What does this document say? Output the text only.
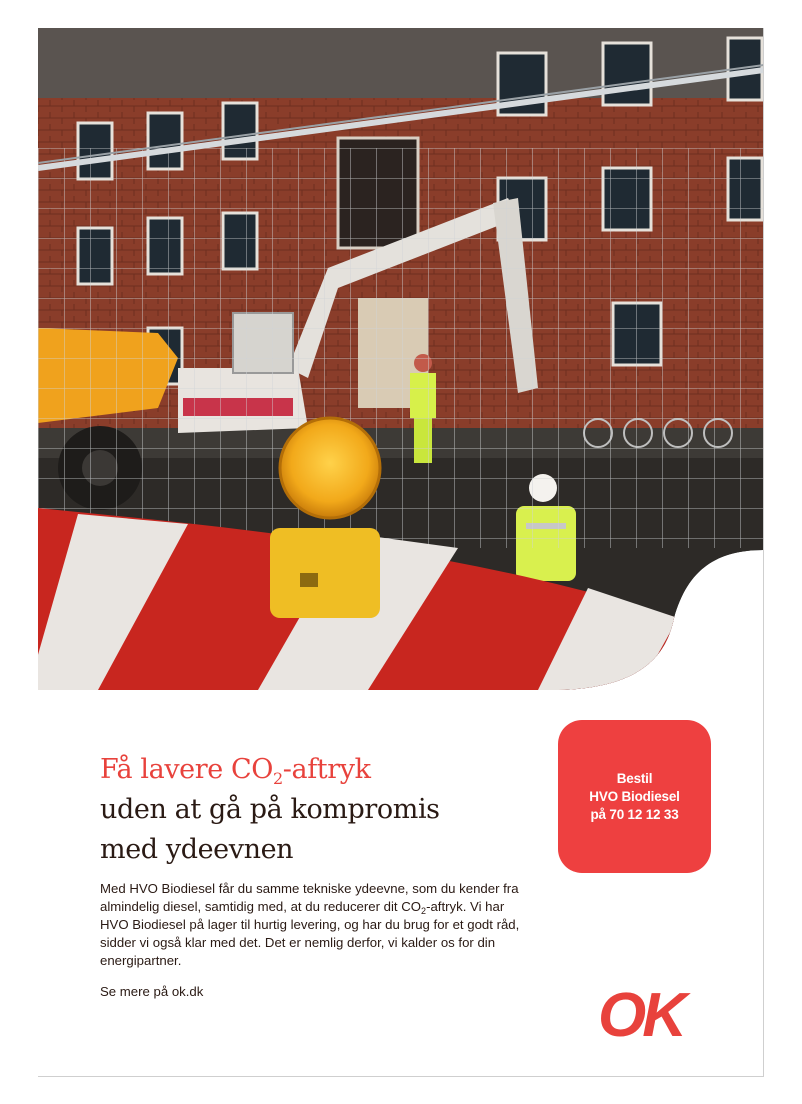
Få lavere $CO_2$-aftryk
uden at gå på kompromis
med ydeevnen

Med HVO Biodiesel får du samme tekniske ydeevne, som du kender fra almindelig diesel, samtidig med, at du reducerer dit $CO_2$-aftryk. Vi har HVO Biodiesel på lager til hurtig levering, og har du brug for et godt råd, sidder vi også klar med det. Det er nemlig derfor, vi kalder os for din energipartner.

Se mere på ok.dk
Bestil
HVO Biodiesel
på 70 12 12 33
OK
